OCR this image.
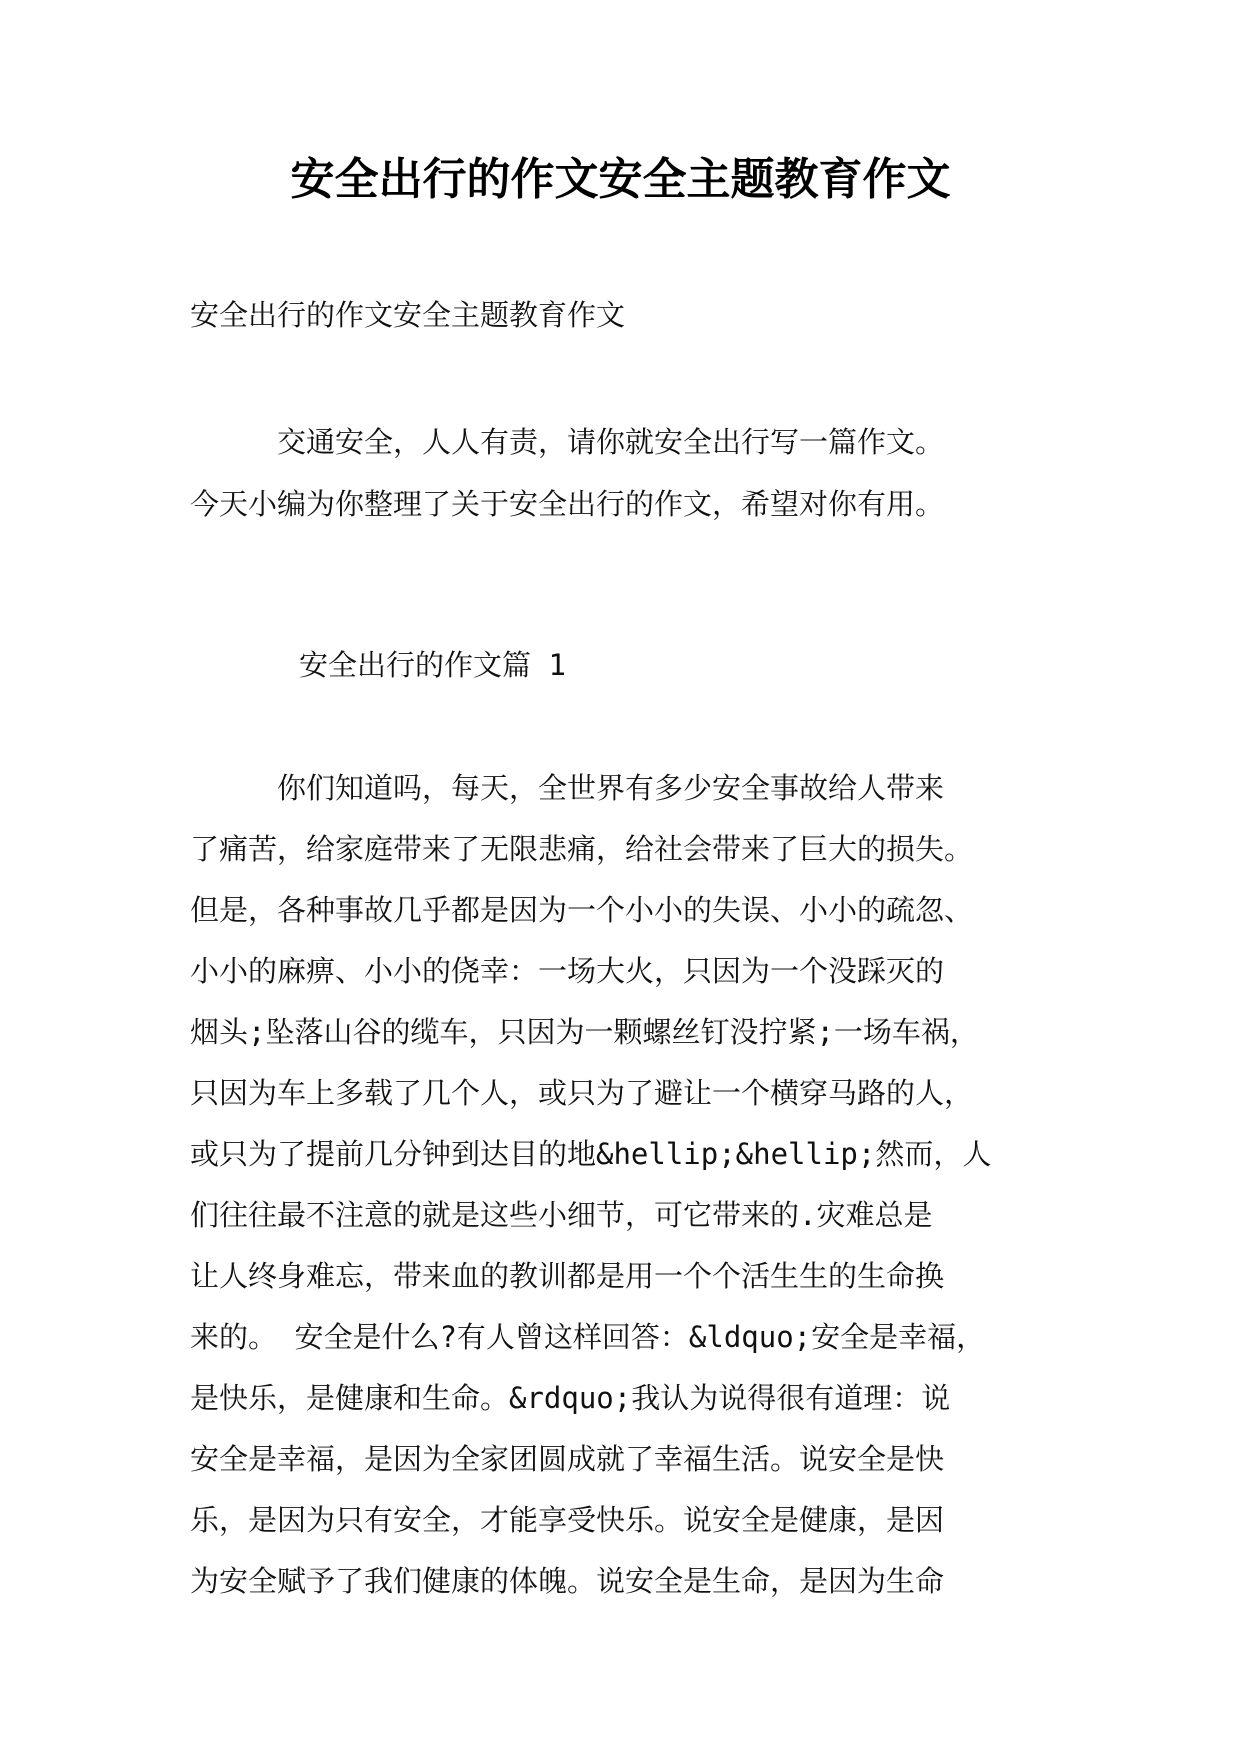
安全出行的作文安全主题教育作文

安全出行的作文安全主题教育作文

　　　交通安全，人人有责，请你就安全出行写一篇作文。
今天小编为你整理了关于安全出行的作文，希望对你有用。

安全出行的作文篇 1

　　　你们知道吗，每天，全世界有多少安全事故给人带来
了痛苦，给家庭带来了无限悲痛，给社会带来了巨大的损失。
但是，各种事故几乎都是因为一个小小的失误、小小的疏忽、
小小的麻痹、小小的侥幸：一场大火，只因为一个没踩灭的
烟头;坠落山谷的缆车，只因为一颗螺丝钉没拧紧;一场车祸，
只因为车上多载了几个人，或只为了避让一个横穿马路的人，
或只为了提前几分钟到达目的地&hellip;&hellip;然而，人
们往往最不注意的就是这些小细节，可它带来的.灾难总是
让人终身难忘，带来血的教训都是用一个个活生生的生命换
来的。 安全是什么?有人曾这样回答：&ldquo;安全是幸福，
是快乐，是健康和生命。&rdquo;我认为说得很有道理：说
安全是幸福，是因为全家团圆成就了幸福生活。说安全是快
乐，是因为只有安全，才能享受快乐。说安全是健康，是因
为安全赋予了我们健康的体魄。说安全是生命，是因为生命
